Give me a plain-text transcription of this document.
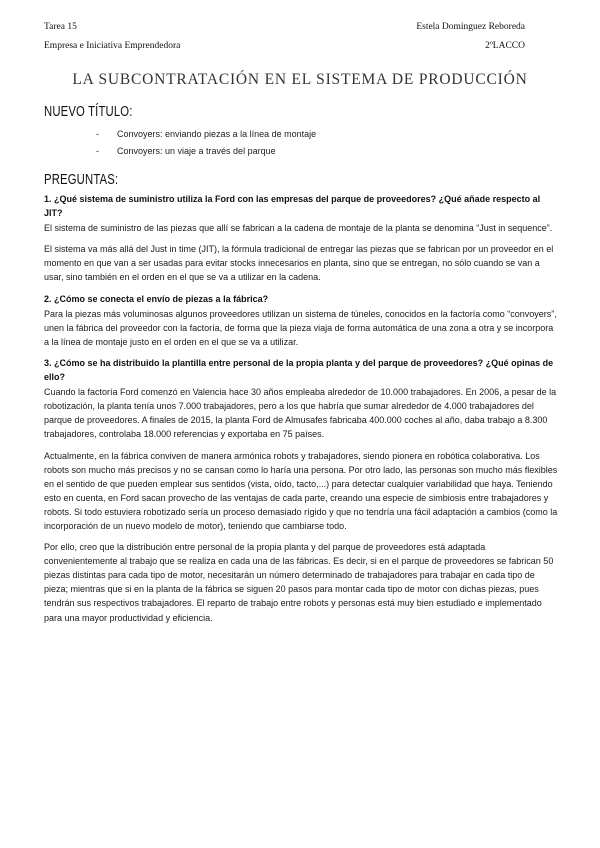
Tarea 15
Empresa e Iniciativa Emprendedora
Estela Domínguez Reboreda
2ºLACCO
LA SUBCONTRATACIÓN EN EL SISTEMA DE PRODUCCIÓN
NUEVO TÍTULO:
- Convoyers: enviando piezas a la línea de montaje
- Convoyers: un viaje a través del parque
PREGUNTAS:

1. ¿Qué sistema de suministro utiliza la Ford con las empresas del parque de proveedores? ¿Qué añade respecto al JIT?

El sistema de suministro de las piezas que allí se fabrican a la cadena de montaje de la planta se denomina “Just in sequence”.

El sistema va más allá del Just in time (JIT), la fórmula tradicional de entregar las piezas que se fabrican por un proveedor en el momento en que van a ser usadas para evitar stocks innecesarios en planta, sino que se entregan, no sólo cuando se van a usar, sino también en el orden en el que se va a utilizar en la cadena.

2. ¿Cómo se conecta el envío de piezas a la fábrica?

Para la piezas más voluminosas algunos proveedores utilizan un sistema de túneles, conocidos en la factoría como “convoyers”, unen la fábrica del proveedor con la factoría, de forma que la pieza viaja de forma automática de una zona a otra y se incorpora a la línea de montaje justo en el orden en el que se va a utilizar.

3. ¿Cómo se ha distribuido la plantilla entre personal de la propia planta y del parque de proveedores? ¿Qué opinas de ello?

Cuando la factoría Ford comenzó en Valencia hace 30 años empleaba alrededor de 10.000 trabajadores. En 2006, a pesar de la robotización, la planta tenía unos 7.000 trabajadores, pero a los que habría que sumar alrededor de 4.000 trabajadores del parque de proveedores. A finales de 2015, la planta Ford de Almusafes fabricaba 400.000 coches al año, daba trabajo a 8.300 trabajadores, controlaba 18.000 referencias y exportaba en 75 países.

Actualmente, en la fábrica conviven de manera armónica robots y trabajadores, siendo pionera en robótica colaborativa. Los robots son mucho más precisos y no se cansan como lo haría una persona. Por otro lado, las personas son mucho más flexibles en el sentido de que pueden emplear sus sentidos (vista, oído, tacto,...) para detectar cualquier variabilidad que haya. Teniendo esto en cuenta, en Ford sacan provecho de las ventajas de cada parte, creando una especie de simbiosis entre trabajadores y robots. Si todo estuviera robotizado sería un proceso demasiado rígido y que no tendría una fácil adaptación a cambios (como la incorporación de un nuevo modelo de motor), teniendo que cambiarse todo.

Por ello, creo que la distribución entre personal de la propia planta y del parque de proveedores está adaptada convenientemente al trabajo que se realiza en cada una de las fábricas. Es decir, si en el parque de proveedores se fabrican 50 piezas distintas para cada tipo de motor, necesitarán un número determinado de trabajadores para trabajar en cada tipo de pieza; mientras que si en la planta de la fábrica se siguen 20 pasos para montar cada tipo de motor con dichas piezas, pues tendrán sus respectivos trabajadores. El reparto de trabajo entre robots y personas está muy bien estudiado e implementado para una mayor productividad y eficiencia.
